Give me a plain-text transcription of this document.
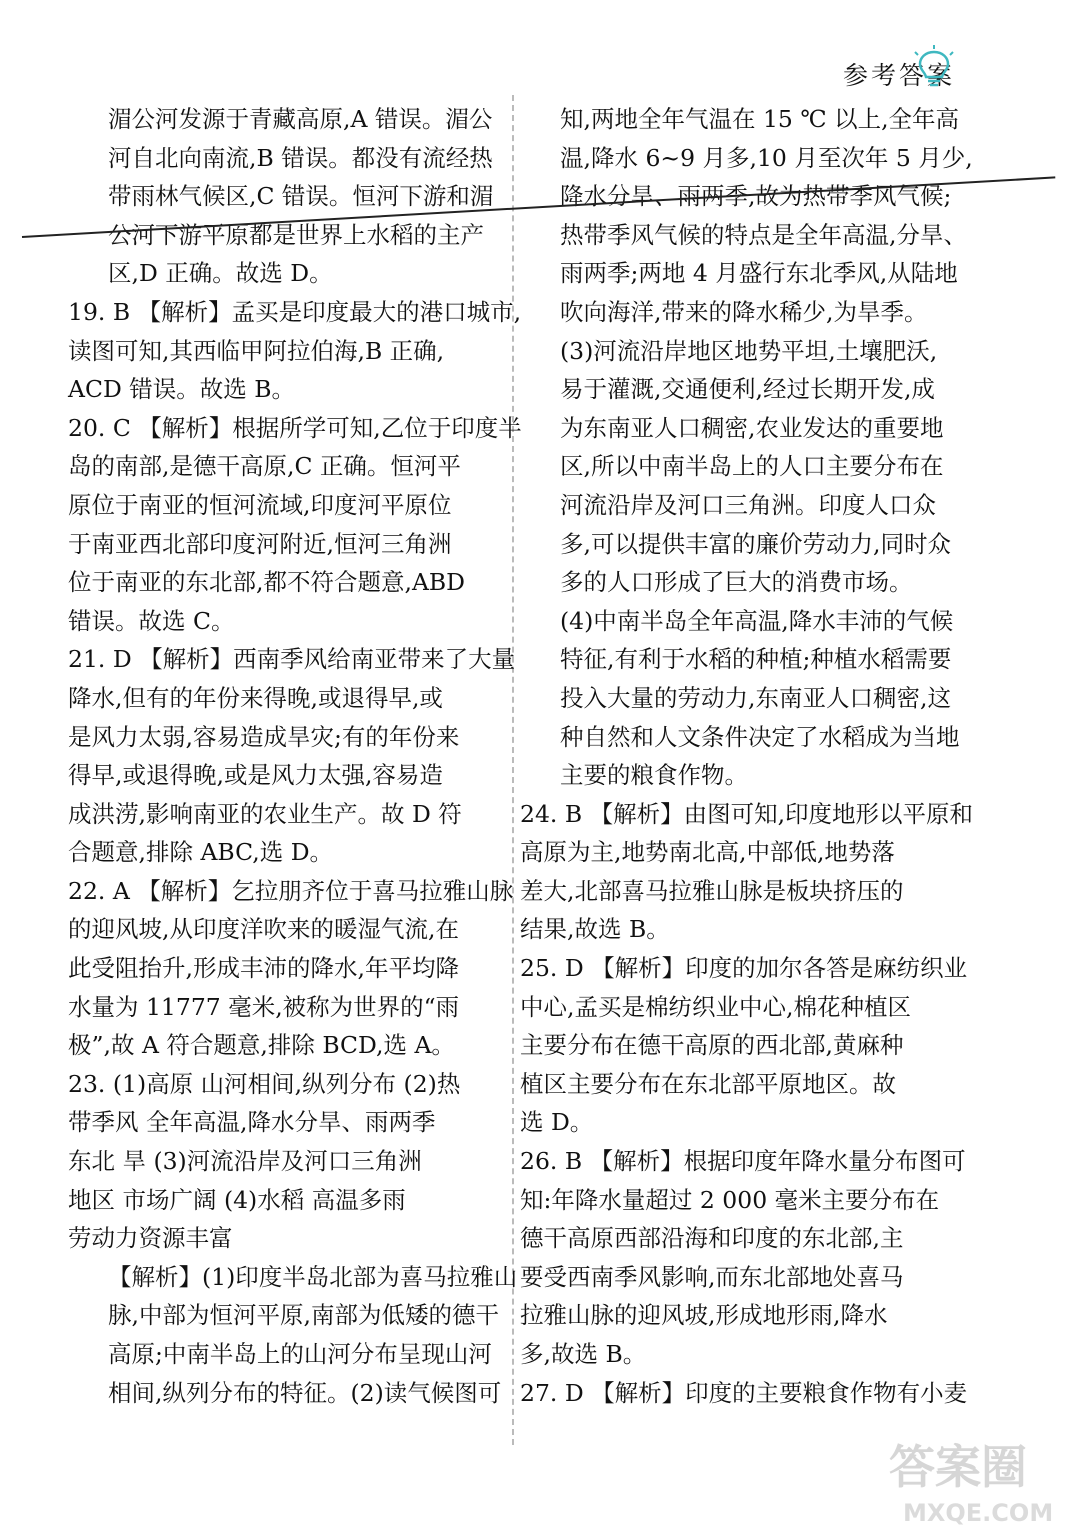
参考答案
湄公河发源于青藏高原,A 错误。湄公
河自北向南流,B 错误。都没有流经热
带雨林气候区,C 错误。恒河下游和湄
公河下游平原都是世界上水稻的主产
区,D 正确。故选 D。
19. B 【解析】孟买是印度最大的港口城市,
读图可知,其西临甲阿拉伯海,B 正确,
ACD 错误。故选 B。
20. C 【解析】根据所学可知,乙位于印度半
岛的南部,是德干高原,C 正确。恒河平
原位于南亚的恒河流域,印度河平原位
于南亚西北部印度河附近,恒河三角洲
位于南亚的东北部,都不符合题意,ABD
错误。故选 C。
21. D 【解析】西南季风给南亚带来了大量
降水,但有的年份来得晚,或退得早,或
是风力太弱,容易造成旱灾;有的年份来
得早,或退得晚,或是风力太强,容易造
成洪涝,影响南亚的农业生产。故 D 符
合题意,排除 ABC,选 D。
22. A 【解析】乞拉朋齐位于喜马拉雅山脉
的迎风坡,从印度洋吹来的暖湿气流,在
此受阻抬升,形成丰沛的降水,年平均降
水量为 11777 毫米,被称为世界的“雨
极”,故 A 符合题意,排除 BCD,选 A。
23. (1)高原 山河相间,纵列分布 (2)热
带季风 全年高温,降水分旱、雨两季
东北 旱 (3)河流沿岸及河口三角洲
地区 市场广阔 (4)水稻 高温多雨
劳动力资源丰富
【解析】(1)印度半岛北部为喜马拉雅山
脉,中部为恒河平原,南部为低矮的德干
高原;中南半岛上的山河分布呈现山河
相间,纵列分布的特征。(2)读气候图可
知,两地全年气温在 15 ℃ 以上,全年高
温,降水 6~9 月多,10 月至次年 5 月少,
降水分旱、雨两季,故为热带季风气候;
热带季风气候的特点是全年高温,分旱、
雨两季;两地 4 月盛行东北季风,从陆地
吹向海洋,带来的降水稀少,为旱季。
(3)河流沿岸地区地势平坦,土壤肥沃,
易于灌溉,交通便利,经过长期开发,成
为东南亚人口稠密,农业发达的重要地
区,所以中南半岛上的人口主要分布在
河流沿岸及河口三角洲。印度人口众
多,可以提供丰富的廉价劳动力,同时众
多的人口形成了巨大的消费市场。
(4)中南半岛全年高温,降水丰沛的气候
特征,有利于水稻的种植;种植水稻需要
投入大量的劳动力,东南亚人口稠密,这
种自然和人文条件决定了水稻成为当地
主要的粮食作物。
24. B 【解析】由图可知,印度地形以平原和
高原为主,地势南北高,中部低,地势落
差大,北部喜马拉雅山脉是板块挤压的
结果,故选 B。
25. D 【解析】印度的加尔各答是麻纺织业
中心,孟买是棉纺织业中心,棉花种植区
主要分布在德干高原的西北部,黄麻种
植区主要分布在东北部平原地区。故
选 D。
26. B 【解析】根据印度年降水量分布图可
知:年降水量超过 2 000 毫米主要分布在
德干高原西部沿海和印度的东北部,主
要受西南季风影响,而东北部地处喜马
拉雅山脉的迎风坡,形成地形雨,降水
多,故选 B。
27. D 【解析】印度的主要粮食作物有小麦
答案圈
MXQE.COM
